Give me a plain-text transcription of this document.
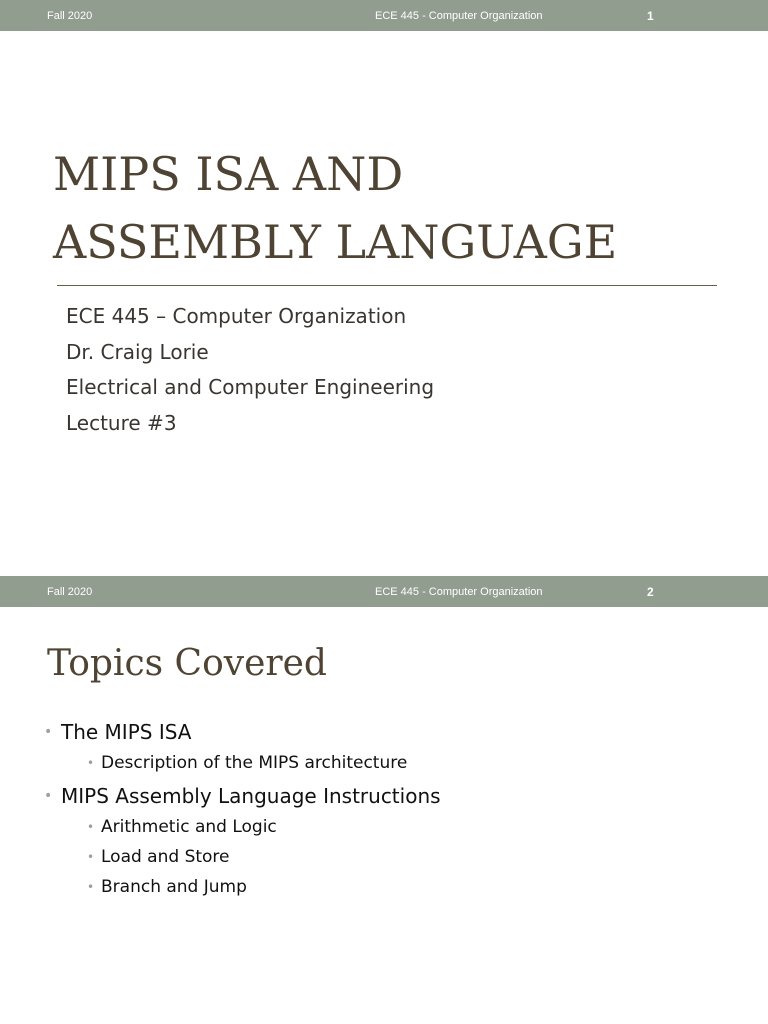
Fall 2020	ECE 445 - Computer Organization	1
MIPS ISA AND
ASSEMBLY LANGUAGE
ECE 445 – Computer Organization
Dr. Craig Lorie
Electrical and Computer Engineering
Lecture #3
Fall 2020	ECE 445 - Computer Organization	2
Topics Covered
• The MIPS ISA
• Description of the MIPS architecture
• MIPS Assembly Language Instructions
• Arithmetic and Logic
• Load and Store
• Branch and Jump
